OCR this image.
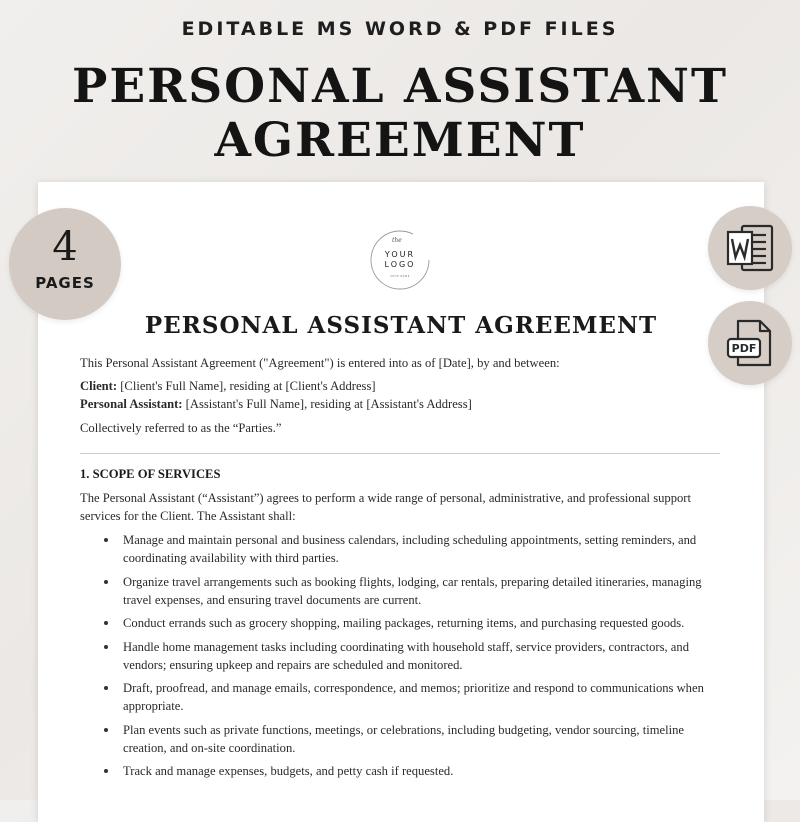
EDITABLE MS WORD & PDF FILES
PERSONAL ASSISTANT
AGREEMENT
the
YOUR
LOGO
SHOP NAME
PERSONAL ASSISTANT AGREEMENT
This Personal Assistant Agreement ("Agreement") is entered into as of [Date], by and between:
Client: [Client's Full Name], residing at [Client's Address]
Personal Assistant: [Assistant's Full Name], residing at [Assistant's Address]
Collectively referred to as the “Parties.”
1. SCOPE OF SERVICES
The Personal Assistant (“Assistant”) agrees to perform a wide range of personal, administrative, and professional support services for the Client. The Assistant shall:
Manage and maintain personal and business calendars, including scheduling appointments, setting reminders, and coordinating availability with third parties.
Organize travel arrangements such as booking flights, lodging, car rentals, preparing detailed itineraries, managing travel expenses, and ensuring travel documents are current.
Conduct errands such as grocery shopping, mailing packages, returning items, and purchasing requested goods.
Handle home management tasks including coordinating with household staff, service providers, contractors, and vendors; ensuring upkeep and repairs are scheduled and monitored.
Draft, proofread, and manage emails, correspondence, and memos; prioritize and respond to communications when appropriate.
Plan events such as private functions, meetings, or celebrations, including budgeting, vendor sourcing, timeline creation, and on-site coordination.
Track and manage expenses, budgets, and petty cash if requested.
4
PAGES
PDF
